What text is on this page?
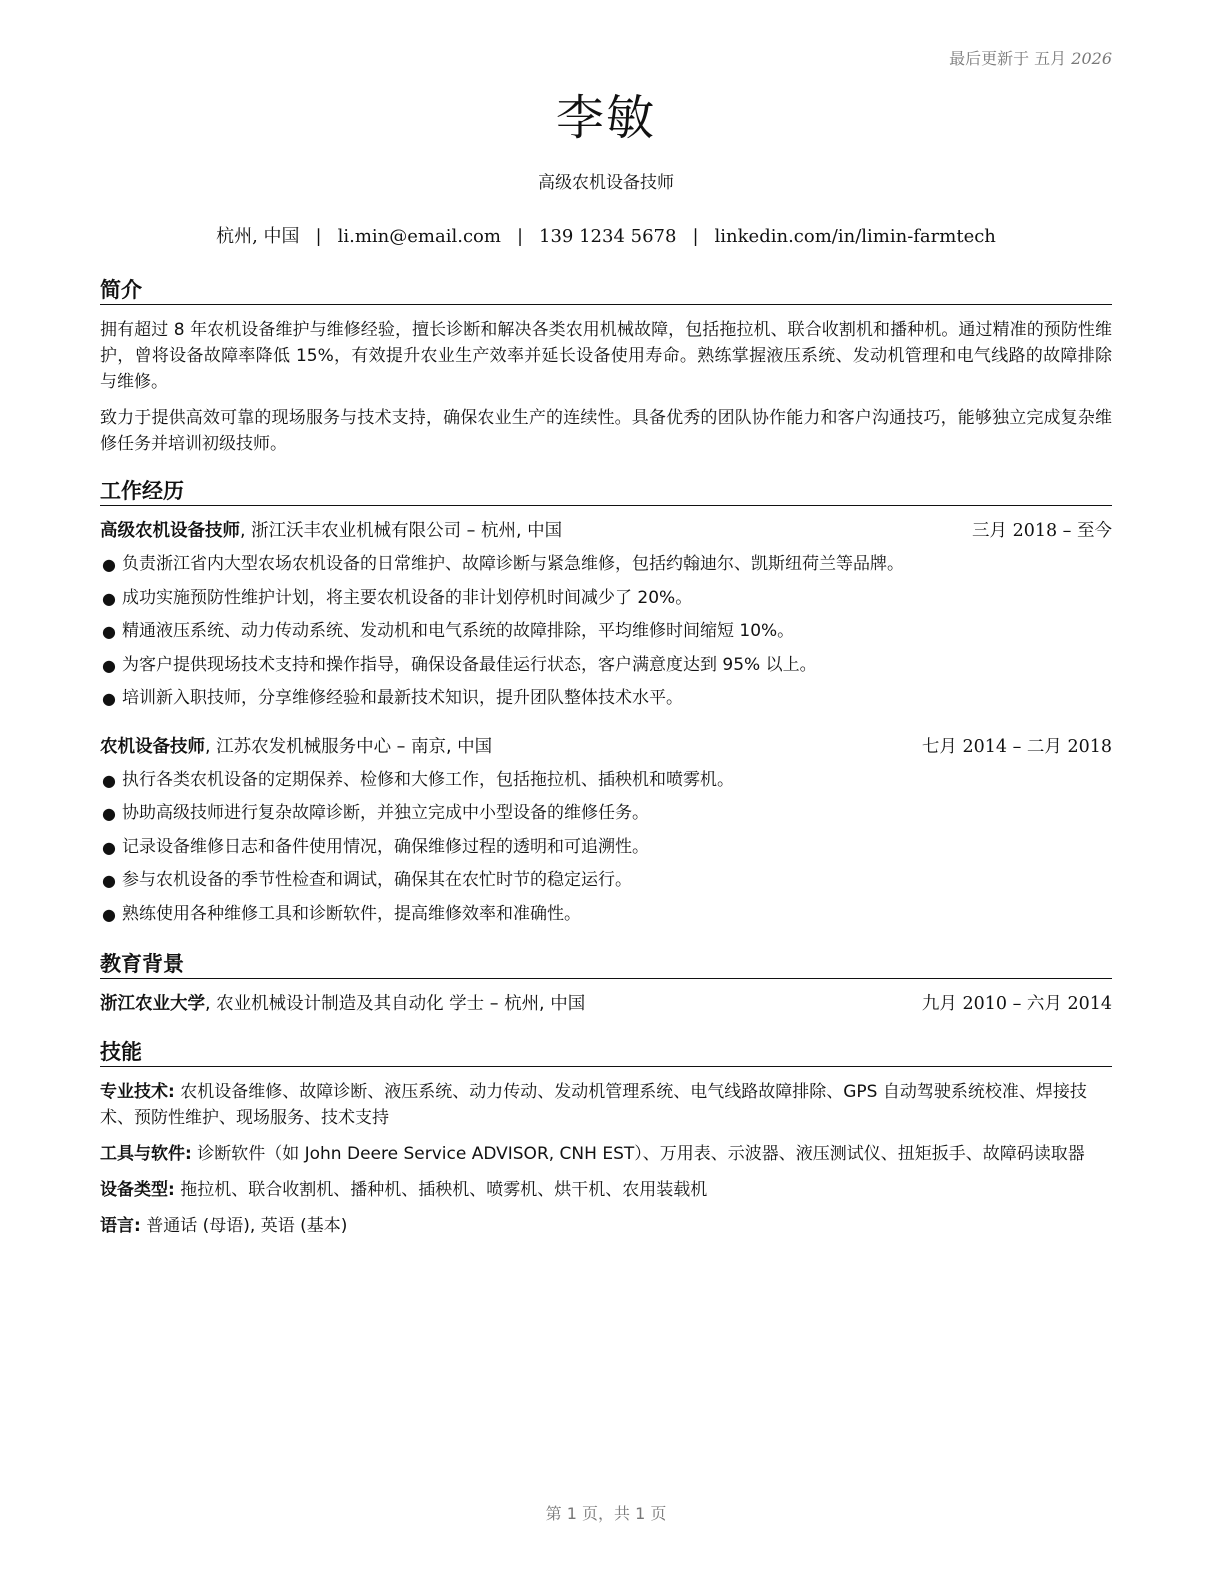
最后更新于 五月 2026
李敏
高级农机设备技师
杭州, 中国 | li.min@email.com | 139 1234 5678 | linkedin.com/in/limin-farmtech
简介

拥有超过 8 年农机设备维护与维修经验，擅长诊断和解决各类农用机械故障，包括拖拉机、联合收割机和播种机。通过精准的预防性维护，曾将设备故障率降低 15%，有效提升农业生产效率并延长设备使用寿命。熟练掌握液压系统、发动机管理和电气线路的故障排除与维修。

致力于提供高效可靠的现场服务与技术支持，确保农业生产的连续性。具备优秀的团队协作能力和客户沟通技巧，能够独立完成复杂维修任务并培训初级技师。

工作经历
高级农机设备技师, 浙江沃丰农业机械有限公司 – 杭州, 中国	三月 2018 – 至今
● 负责浙江省内大型农场农机设备的日常维护、故障诊断与紧急维修，包括约翰迪尔、凯斯纽荷兰等品牌。
● 成功实施预防性维护计划，将主要农机设备的非计划停机时间减少了 20%。
● 精通液压系统、动力传动系统、发动机和电气系统的故障排除，平均维修时间缩短 10%。
● 为客户提供现场技术支持和操作指导，确保设备最佳运行状态，客户满意度达到 95% 以上。
● 培训新入职技师，分享维修经验和最新技术知识，提升团队整体技术水平。
农机设备技师, 江苏农发机械服务中心 – 南京, 中国	七月 2014 – 二月 2018
● 执行各类农机设备的定期保养、检修和大修工作，包括拖拉机、插秧机和喷雾机。
● 协助高级技师进行复杂故障诊断，并独立完成中小型设备的维修任务。
● 记录设备维修日志和备件使用情况，确保维修过程的透明和可追溯性。
● 参与农机设备的季节性检查和调试，确保其在农忙时节的稳定运行。
● 熟练使用各种维修工具和诊断软件，提高维修效率和准确性。
教育背景
浙江农业大学, 农业机械设计制造及其自动化 学士 – 杭州, 中国	九月 2010 – 六月 2014
技能

专业技术: 农机设备维修、故障诊断、液压系统、动力传动、发动机管理系统、电气线路故障排除、GPS 自动驾驶系统校准、焊接技术、预防性维护、现场服务、技术支持

工具与软件: 诊断软件（如 John Deere Service ADVISOR, CNH EST）、万用表、示波器、液压测试仪、扭矩扳手、故障码读取器

设备类型: 拖拉机、联合收割机、播种机、插秧机、喷雾机、烘干机、农用装载机

语言: 普通话 (母语), 英语 (基本)

第 1 页，共 1 页
